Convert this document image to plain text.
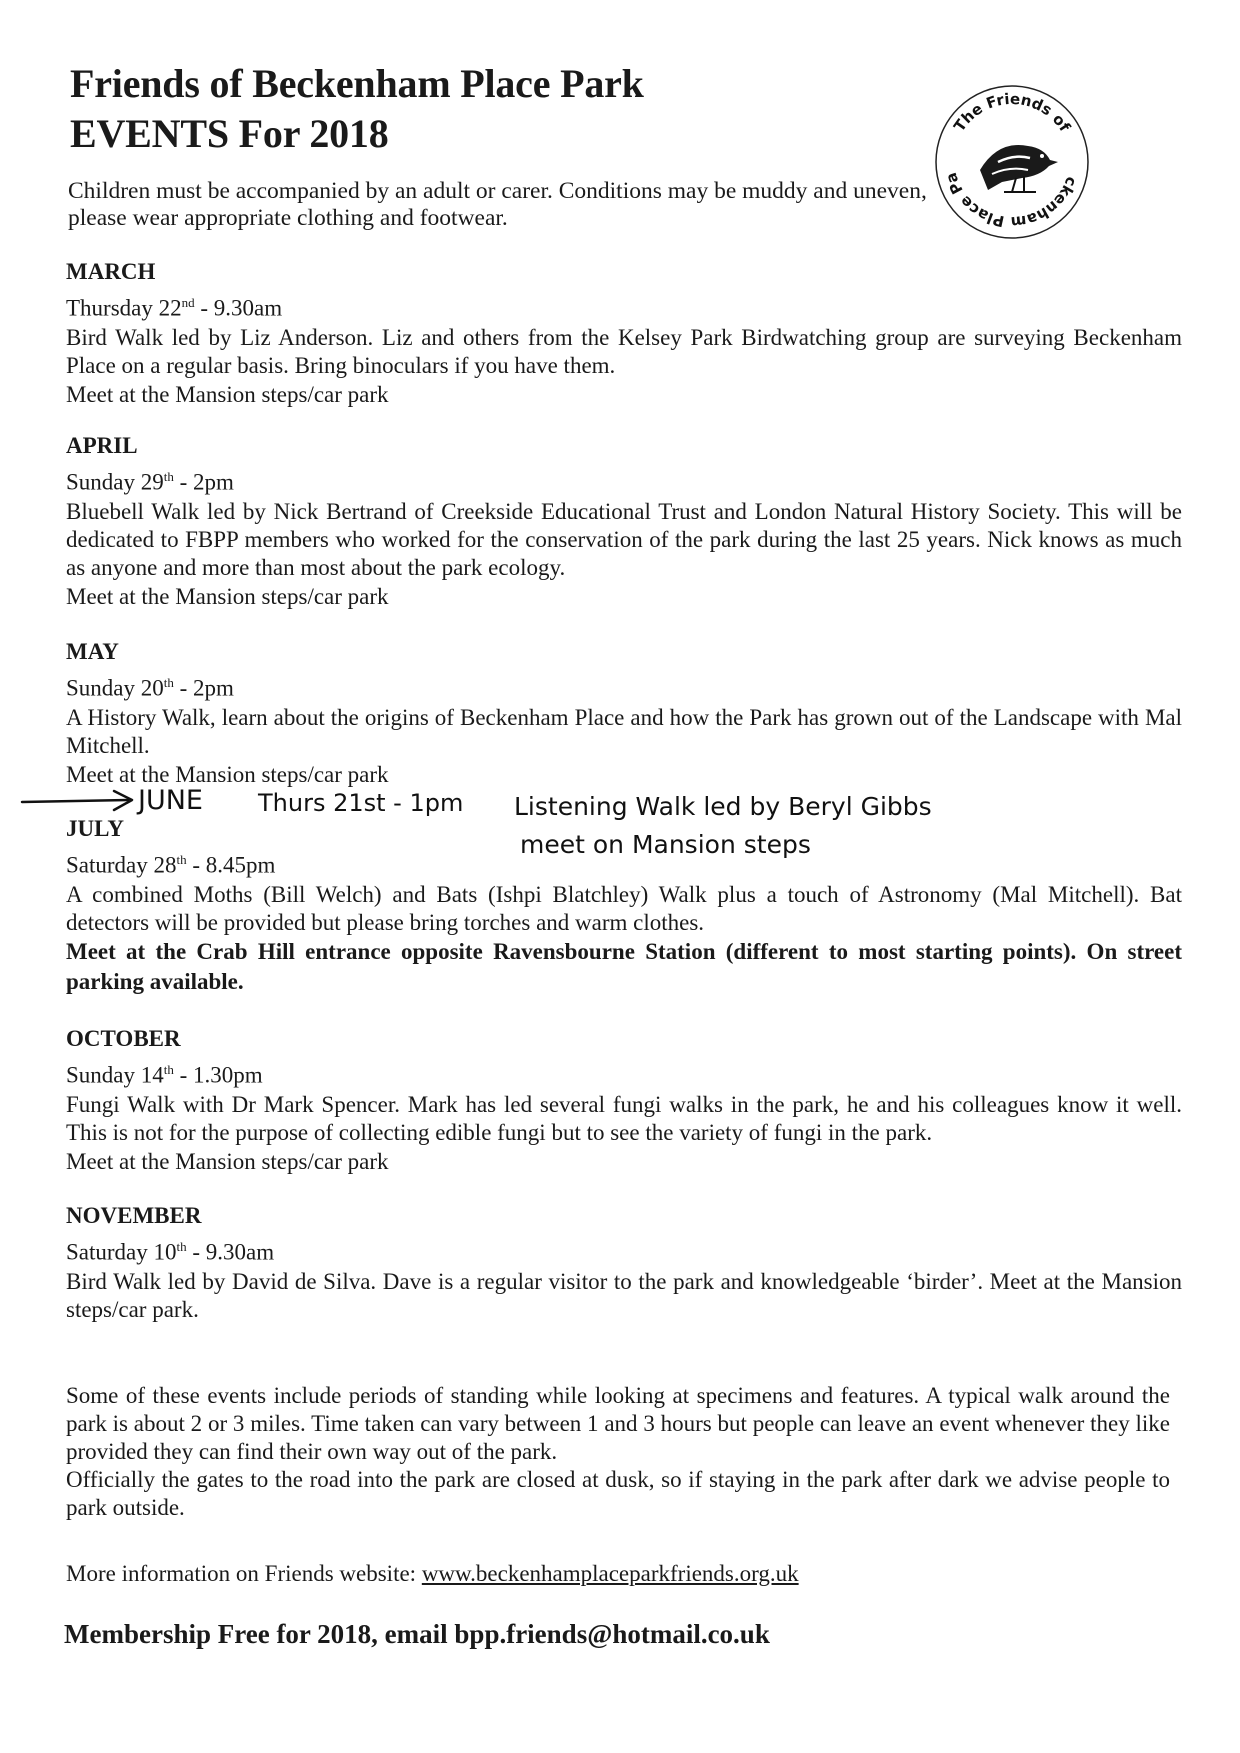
Friends of Beckenham Place Park
EVENTS For 2018

Children must be accompanied by an adult or carer. Conditions may be muddy and uneven, please wear appropriate clothing and footwear.

The Friends of
ckenham Place Pa

MARCH

Thursday 22nd - 9.30am

Bird Walk led by Liz Anderson. Liz and others from the Kelsey Park Birdwatching group are surveying Beckenham Place on a regular basis. Bring binoculars if you have them.

Meet at the Mansion steps/car park

APRIL

Sunday 29th - 2pm

Bluebell Walk led by Nick Bertrand of Creekside Educational Trust and London Natural History Society. This will be dedicated to FBPP members who worked for the conservation of the park during the last 25 years. Nick knows as much as anyone and more than most about the park ecology.

Meet at the Mansion steps/car park

MAY

Sunday 20th - 2pm

A History Walk, learn about the origins of Beckenham Place and how the Park has grown out of the Landscape with Mal Mitchell.

Meet at the Mansion steps/car park

JUNE Thurs 21st - 1pm Listening Walk led by Beryl Gibbs
meet on Mansion steps

JULY

Saturday 28th - 8.45pm

A combined Moths (Bill Welch) and Bats (Ishpi Blatchley) Walk plus a touch of Astronomy (Mal Mitchell). Bat detectors will be provided but please bring torches and warm clothes.

Meet at the Crab Hill entrance opposite Ravensbourne Station (different to most starting points). On street parking available.

OCTOBER

Sunday 14th - 1.30pm

Fungi Walk with Dr Mark Spencer. Mark has led several fungi walks in the park, he and his colleagues know it well. This is not for the purpose of collecting edible fungi but to see the variety of fungi in the park.

Meet at the Mansion steps/car park

NOVEMBER

Saturday 10th - 9.30am

Bird Walk led by David de Silva. Dave is a regular visitor to the park and knowledgeable ‘birder’. Meet at the Mansion steps/car park.

Some of these events include periods of standing while looking at specimens and features. A typical walk around the park is about 2 or 3 miles. Time taken can vary between 1 and 3 hours but people can leave an event whenever they like provided they can find their own way out of the park.

Officially the gates to the road into the park are closed at dusk, so if staying in the park after dark we advise people to park outside.

More information on Friends website: www.beckenhamplaceparkfriends.org.uk

Membership Free for 2018, email bpp.friends@hotmail.co.uk
